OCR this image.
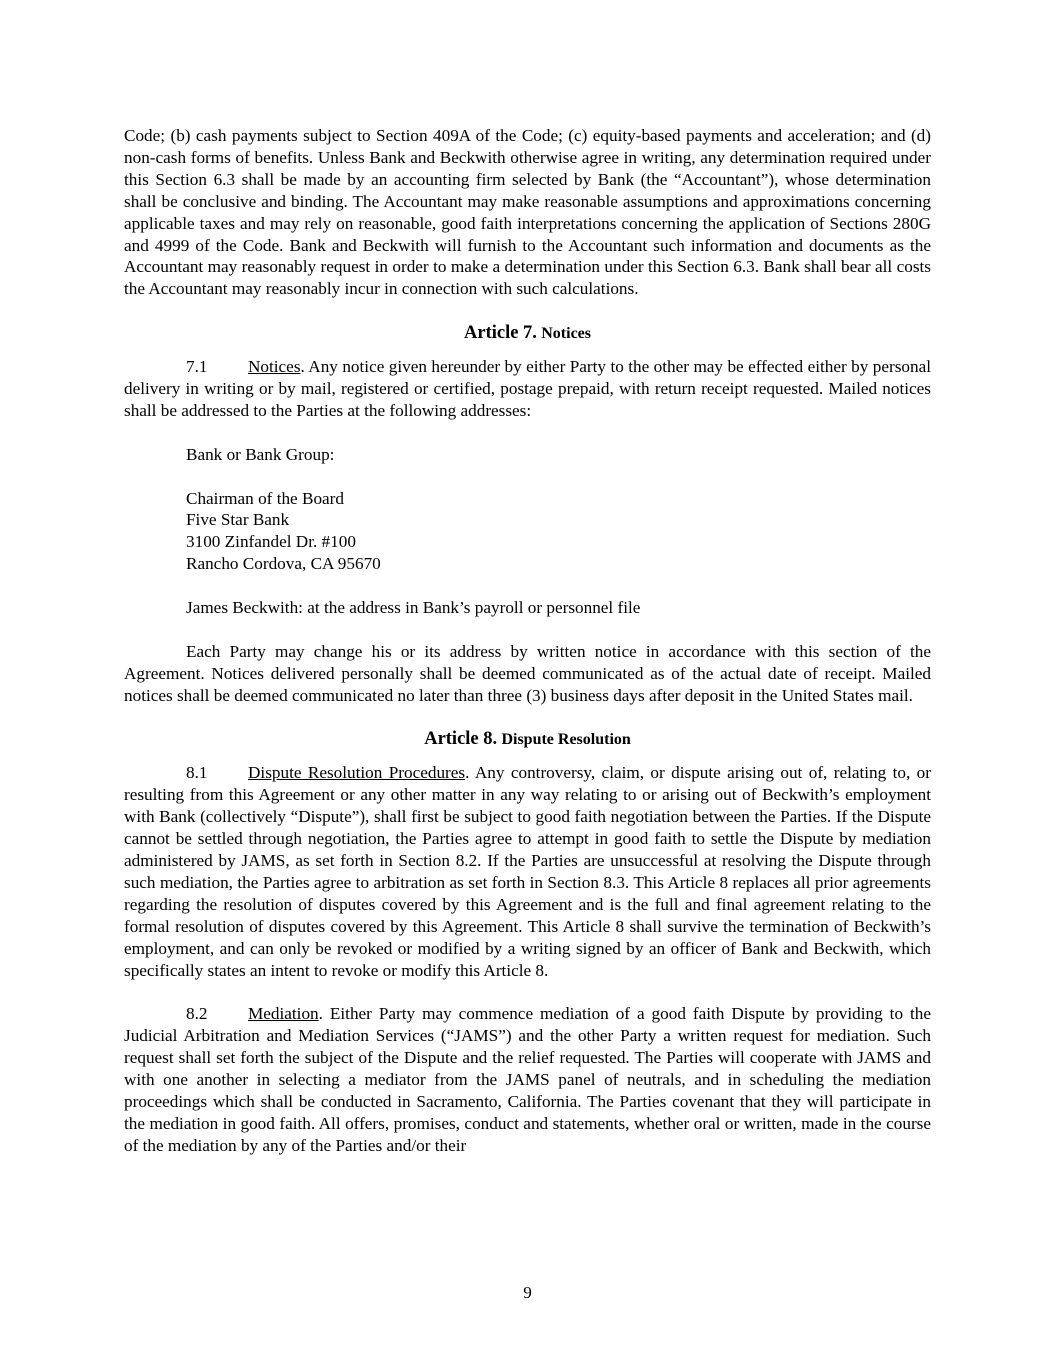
Code; (b) cash payments subject to Section 409A of the Code; (c) equity-based payments and acceleration; and (d) non-cash forms of benefits. Unless Bank and Beckwith otherwise agree in writing, any determination required under this Section 6.3 shall be made by an accounting firm selected by Bank (the “Accountant”), whose determination shall be conclusive and binding. The Accountant may make reasonable assumptions and approximations concerning applicable taxes and may rely on reasonable, good faith interpretations concerning the application of Sections 280G and 4999 of the Code. Bank and Beckwith will furnish to the Accountant such information and documents as the Accountant may reasonably request in order to make a determination under this Section 6.3. Bank shall bear all costs the Accountant may reasonably incur in connection with such calculations.

Article 7. Notices

7.1 Notices. Any notice given hereunder by either Party to the other may be effected either by personal delivery in writing or by mail, registered or certified, postage prepaid, with return receipt requested. Mailed notices shall be addressed to the Parties at the following addresses:

Bank or Bank Group:

Chairman of the Board
Five Star Bank
3100 Zinfandel Dr. #100
Rancho Cordova, CA 95670

James Beckwith: at the address in Bank’s payroll or personnel file

Each Party may change his or its address by written notice in accordance with this section of the Agreement. Notices delivered personally shall be deemed communicated as of the actual date of receipt. Mailed notices shall be deemed communicated no later than three (3) business days after deposit in the United States mail.

Article 8. Dispute Resolution

8.1 Dispute Resolution Procedures. Any controversy, claim, or dispute arising out of, relating to, or resulting from this Agreement or any other matter in any way relating to or arising out of Beckwith’s employment with Bank (collectively “Dispute”), shall first be subject to good faith negotiation between the Parties. If the Dispute cannot be settled through negotiation, the Parties agree to attempt in good faith to settle the Dispute by mediation administered by JAMS, as set forth in Section 8.2. If the Parties are unsuccessful at resolving the Dispute through such mediation, the Parties agree to arbitration as set forth in Section 8.3. This Article 8 replaces all prior agreements regarding the resolution of disputes covered by this Agreement and is the full and final agreement relating to the formal resolution of disputes covered by this Agreement. This Article 8 shall survive the termination of Beckwith’s employment, and can only be revoked or modified by a writing signed by an officer of Bank and Beckwith, which specifically states an intent to revoke or modify this Article 8.

8.2 Mediation. Either Party may commence mediation of a good faith Dispute by providing to the Judicial Arbitration and Mediation Services (“JAMS”) and the other Party a written request for mediation. Such request shall set forth the subject of the Dispute and the relief requested. The Parties will cooperate with JAMS and with one another in selecting a mediator from the JAMS panel of neutrals, and in scheduling the mediation proceedings which shall be conducted in Sacramento, California. The Parties covenant that they will participate in the mediation in good faith. All offers, promises, conduct and statements, whether oral or written, made in the course of the mediation by any of the Parties and/or their

9
